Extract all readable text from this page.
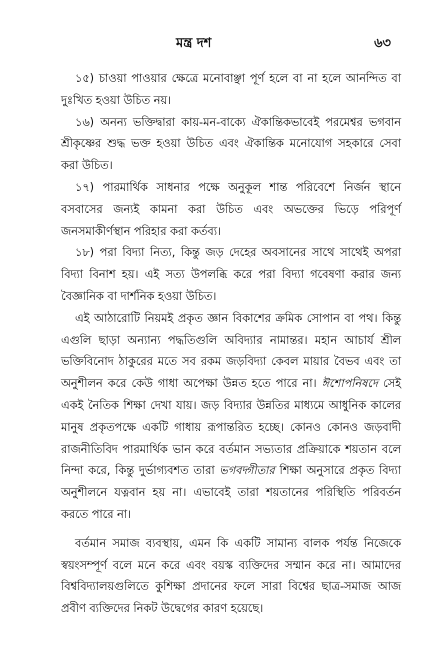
মন্ত্র দশ	৬৩

১৫) চাওয়া পাওয়ার ক্ষেত্রে মনোবাঞ্ছা পূর্ণ হলে বা না হলে আনন্দিত বা দুঃখিত হওয়া উচিত নয়।

১৬) অনন্য ভক্তিদ্বারা কায়-মন-বাক্যে ঐকান্তিকভাবেই পরমেশ্বর ভগবান শ্রীকৃষ্ণের শুদ্ধ ভক্ত হওয়া উচিত এবং ঐকান্তিক মনোযোগ সহকারে সেবা করা উচিত।

১৭) পারমার্থিক সাধনার পক্ষে অনুকূল শান্ত পরিবেশে নির্জন স্থানে বসবাসের জন্যই কামনা করা উচিত এবং অভক্তের ভিড়ে পরিপূর্ণ জনসমাকীর্ণস্থান পরিহার করা কর্তব্য।

১৮) পরা বিদ্যা নিত্য, কিন্তু জড় দেহের অবসানের সাথে সাথেই অপরা বিদ্যা বিনাশ হয়। এই সত্য উপলব্ধি করে পরা বিদ্যা গবেষণা করার জন্য বৈজ্ঞানিক বা দার্শনিক হওয়া উচিত।

এই আঠারোটি নিয়মই প্রকৃত জ্ঞান বিকাশের ক্রমিক সোপান বা পথ। কিন্তু এগুলি ছাড়া অন্যান্য পদ্ধতিগুলি অবিদ্যার নামান্তর। মহান আচার্য শ্রীল ভক্তিবিনোদ ঠাকুরের মতে সব রকম জড়বিদ্যা কেবল মায়ার বৈভব এবং তা অনুশীলন করে কেউ গাধা অপেক্ষা উন্নত হতে পারে না। ঈশোপনিষদে সেই একই নৈতিক শিক্ষা দেখা যায়। জড় বিদ্যার উন্নতির মাধ্যমে আধুনিক কালের মানুষ প্রকৃতপক্ষে একটি গাধায় রূপান্তরিত হচ্ছে। কোনও কোনও জড়বাদী রাজনীতিবিদ পারমার্থিক ভান করে বর্তমান সভ্যতার প্রক্রিয়াকে শয়তান বলে নিন্দা করে, কিন্তু দুর্ভাগ্যবশত তারা ভগবদ্গীতার শিক্ষা অনুসারে প্রকৃত বিদ্যা অনুশীলনে যত্নবান হয় না। এভাবেই তারা শয়তানের পরিস্থিতি পরিবর্তন করতে পারে না।

বর্তমান সমাজ ব্যবস্থায়, এমন কি একটি সামান্য বালক পর্যন্ত নিজেকে স্বয়ংসম্পূর্ণ বলে মনে করে এবং বয়স্ক ব্যক্তিদের সম্মান করে না। আমাদের বিশ্ববিদ্যালয়গুলিতে কুশিক্ষা প্রদানের ফলে সারা বিশ্বের ছাত্র-সমাজ আজ প্রবীণ ব্যক্তিদের নিকট উদ্বেগের কারণ হয়েছে।
